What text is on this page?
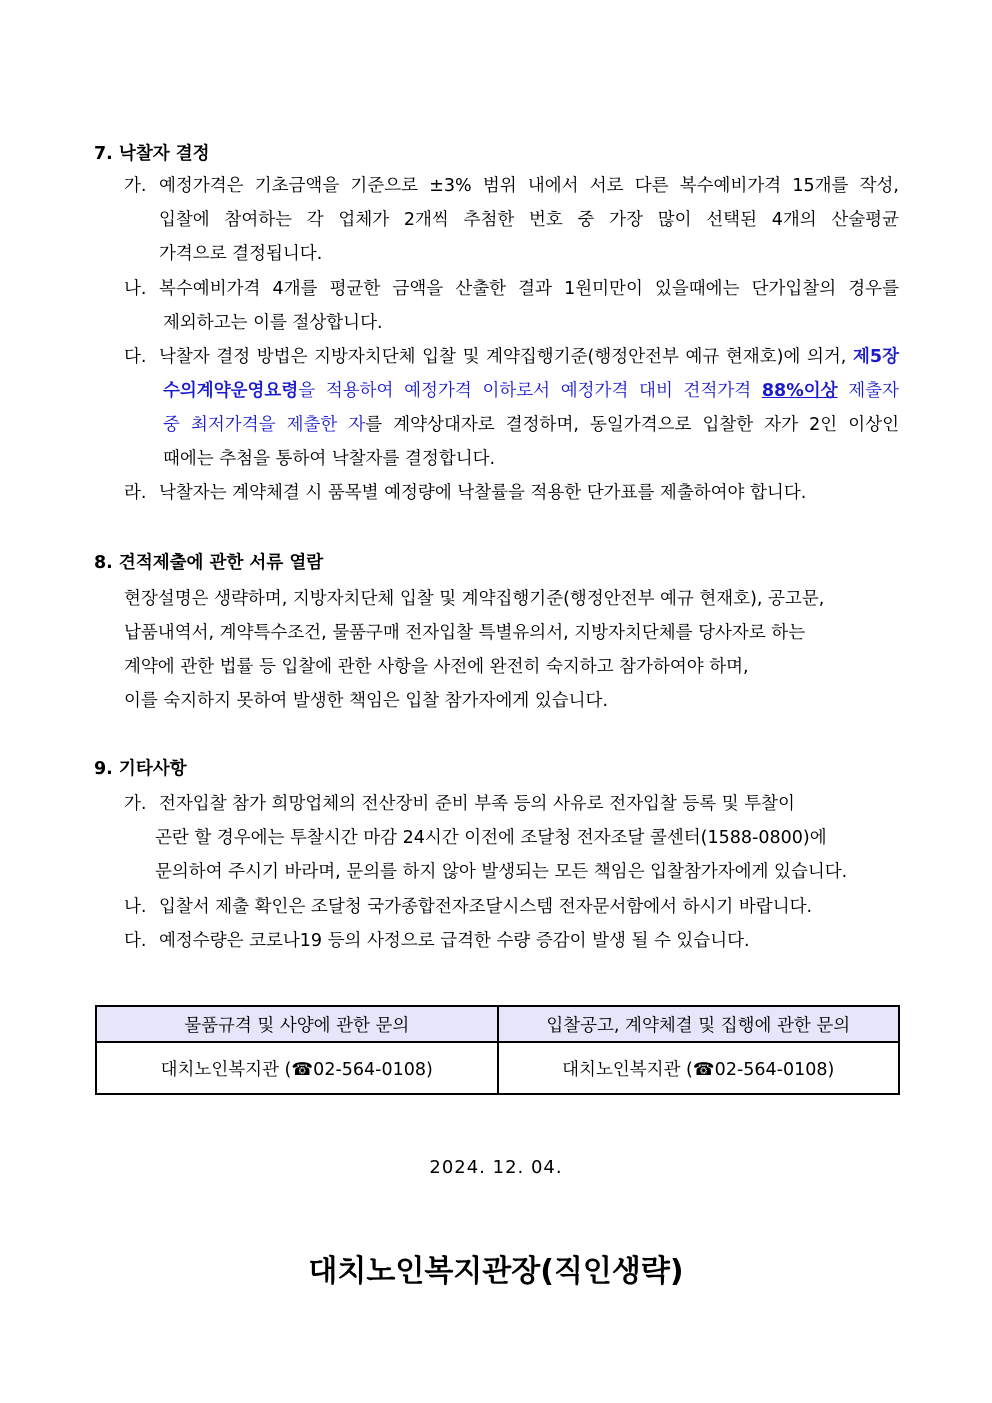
7. 낙찰자 결정
가. 예정가격은 기초금액을 기준으로 ±3% 범위 내에서 서로 다른 복수예비가격 15개를 작성,
입찰에 참여하는 각 업체가 2개씩 추첨한 번호 중 가장 많이 선택된 4개의 산술평균
가격으로 결정됩니다.
나. 복수예비가격 4개를 평균한 금액을 산출한 결과 1원미만이 있을때에는 단가입찰의 경우를
제외하고는 이를 절상합니다.
다. 낙찰자 결정 방법은 지방자치단체 입찰 및 계약집행기준(행정안전부 예규 현재호)에 의거, 제5장
수의계약운영요령을 적용하여 예정가격 이하로서 예정가격 대비 견적가격 88%이상 제출자
중 최저가격을 제출한 자를 계약상대자로 결정하며, 동일가격으로 입찰한 자가 2인 이상인
때에는 추첨을 통하여 낙찰자를 결정합니다.
라. 낙찰자는 계약체결 시 품목별 예정량에 낙찰률을 적용한 단가표를 제출하여야 합니다.
8. 견적제출에 관한 서류 열람
현장설명은 생략하며, 지방자치단체 입찰 및 계약집행기준(행정안전부 예규 현재호), 공고문,
납품내역서, 계약특수조건, 물품구매 전자입찰 특별유의서, 지방자치단체를 당사자로 하는
계약에 관한 법률 등 입찰에 관한 사항을 사전에 완전히 숙지하고 참가하여야 하며,
이를 숙지하지 못하여 발생한 책임은 입찰 참가자에게 있습니다.
9. 기타사항
가. 전자입찰 참가 희망업체의 전산장비 준비 부족 등의 사유로 전자입찰 등록 및 투찰이
곤란 할 경우에는 투찰시간 마감 24시간 이전에 조달청 전자조달 콜센터(1588-0800)에
문의하여 주시기 바라며, 문의를 하지 않아 발생되는 모든 책임은 입찰참가자에게 있습니다.
나. 입찰서 제출 확인은 조달청 국가종합전자조달시스템 전자문서함에서 하시기 바랍니다.
다. 예정수량은 코로나19 등의 사정으로 급격한 수량 증감이 발생 될 수 있습니다.
물품규격 및 사양에 관한 문의	입찰공고, 계약체결 및 집행에 관한 문의
대치노인복지관 (☎02-564-0108)	대치노인복지관 (☎02-564-0108)
2024. 12. 04.
대치노인복지관장(직인생략)
